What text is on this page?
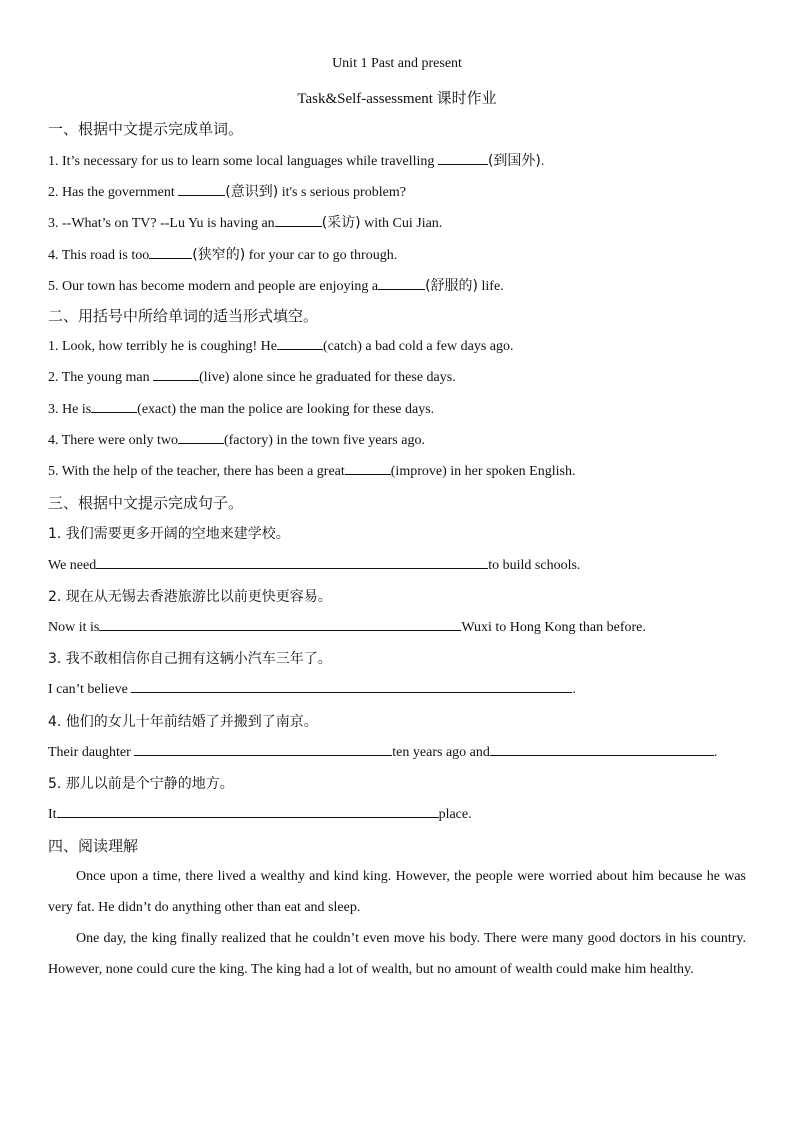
Unit 1 Past and present
Task&Self-assessment 课时作业
一、根据中文提示完成单词。
1. It’s necessary for us to learn some local languages while travelling	(到国外).
2. Has the government	(意识到) it's s serious problem?
3. --What’s on TV? --Lu Yu is having an	(采访) with Cui Jian.
4. This road is too	(狭窄的) for your car to go through.
5. Our town has become modern and people are enjoying a	(舒服的) life.
二、用括号中所给单词的适当形式填空。
1. Look, how terribly he is coughing! He	(catch) a bad cold a few days ago.
2. The young man	(live) alone since he graduated for these days.
3. He is	(exact) the man the police are looking for these days.
4. There were only two	(factory) in the town five years ago.
5. With the help of the teacher, there has been a great	(improve) in her spoken English.
三、根据中文提示完成句子。
1. 我们需要更多开阔的空地来建学校。
We need	to build schools.
2. 现在从无锡去香港旅游比以前更快更容易。
Now it is	Wuxi to Hong Kong than before.
3. 我不敢相信你自己拥有这辆小汽车三年了。
I can’t believe	.
4. 他们的女儿十年前结婚了并搬到了南京。
Their daughter	ten years ago and	.
5. 那儿以前是个宁静的地方。
It	place.
四、阅读理解
Once upon a time, there lived a wealthy and kind king. However, the people were worried about him because he was very fat. He didn’t do anything other than eat and sleep.
One day, the king finally realized that he couldn’t even move his body. There were many good doctors in his country. However, none could cure the king. The king had a lot of wealth, but no amount of wealth could make him healthy.
